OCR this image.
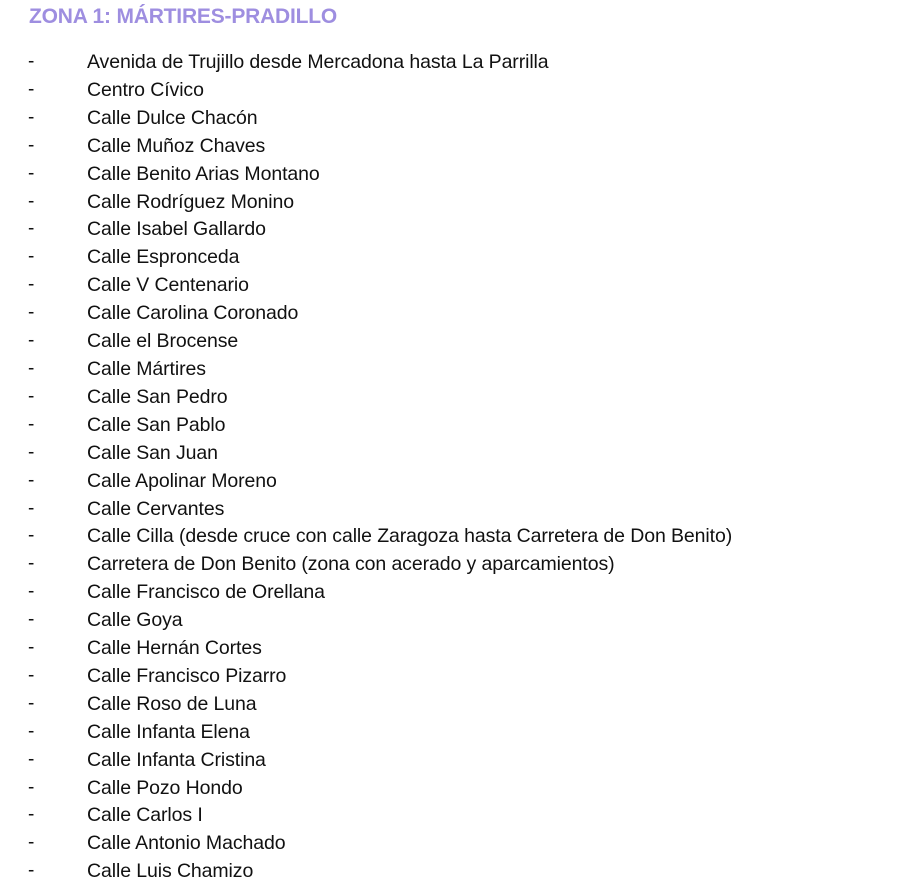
ZONA 1: MÁRTIRES-PRADILLO
-	Avenida de Trujillo desde Mercadona hasta La Parrilla
-	Centro Cívico
-	Calle Dulce Chacón
-	Calle Muñoz Chaves
-	Calle Benito Arias Montano
-	Calle Rodríguez Monino
-	Calle Isabel Gallardo
-	Calle Espronceda
-	Calle V Centenario
-	Calle Carolina Coronado
-	Calle el Brocense
-	Calle Mártires
-	Calle San Pedro
-	Calle San Pablo
-	Calle San Juan
-	Calle Apolinar Moreno
-	Calle Cervantes
-	Calle Cilla (desde cruce con calle Zaragoza hasta Carretera de Don Benito)
-	Carretera de Don Benito (zona con acerado y aparcamientos)
-	Calle Francisco de Orellana
-	Calle Goya
-	Calle Hernán Cortes
-	Calle Francisco Pizarro
-	Calle Roso de Luna
-	Calle Infanta Elena
-	Calle Infanta Cristina
-	Calle Pozo Hondo
-	Calle Carlos I
-	Calle Antonio Machado
-	Calle Luis Chamizo
